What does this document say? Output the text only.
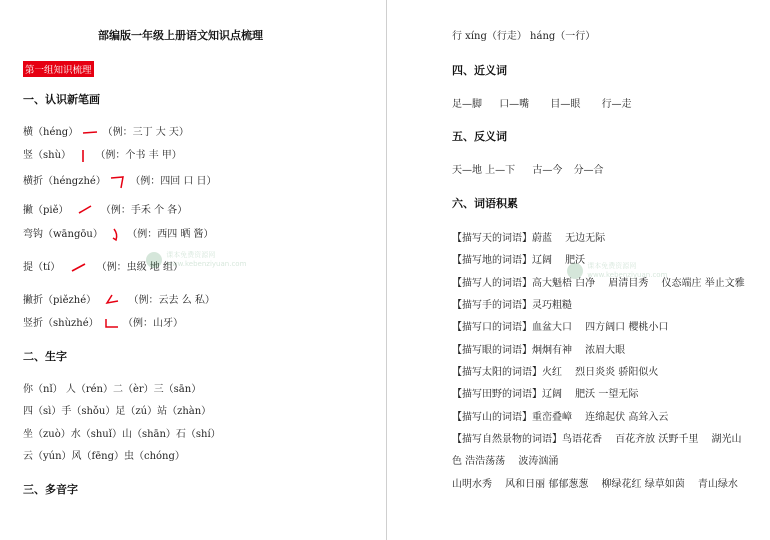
部编版一年级上册语文知识点梳理
第一组知识梳理
一、认识新笔画
横（héng） （例：三丁 大 天）
竖（shù） （例：个书 丰 甲）
横折（héngzhé） （例：四回 口 日）
撇（piě）	（例：手禾 个 各）
弯钩（wāngōu） （例：西四 晒 酱）
提（tí）	（例：虫级 地 组）
撇折（piězhé）	（例：云去 么 私）
竖折（shùzhé） （例：山牙）
二、生字
你（nǐ） 人（rén）二（èr）三（sān）
四（sì）手（shǒu）足（zú）站（zhàn）
坐（zuò）水（shuǐ）山（shān）石（shí）
云（yún）风（fēng）虫（chóng）
三、多音字
课本免费资源网
www.kebenziyuan.com
行 xíng（行走） háng（一行）
四、近义词
足—脚 口—嘴 目—眼 行—走
五、反义词
天—地 上—下 古—今 分—合
六、词语积累
【描写天的词语】蔚蓝　 无边无际
【描写地的词语】辽阔　 肥沃
【描写人的词语】高大魁梧 白净　 眉清目秀　 仪态端庄 举止文雅
【描写手的词语】灵巧粗糙
【描写口的词语】血盆大口　 四方阔口 樱桃小口
【描写眼的词语】炯炯有神　 浓眉大眼
【描写太阳的词语】火红　 烈日炎炎 骄阳似火
【描写田野的词语】辽阔　 肥沃 一望无际
【描写山的词语】重峦叠嶂　 连绵起伏 高耸入云
【描写自然景物的词语】鸟语花香　 百花齐放 沃野千里　 湖光山
色 浩浩荡荡　 波涛汹涌
山明水秀　 风和日丽 郁郁葱葱　 柳绿花红 绿草如茵　 青山绿水
课本免费资源网
www.kebenziyuan.com
